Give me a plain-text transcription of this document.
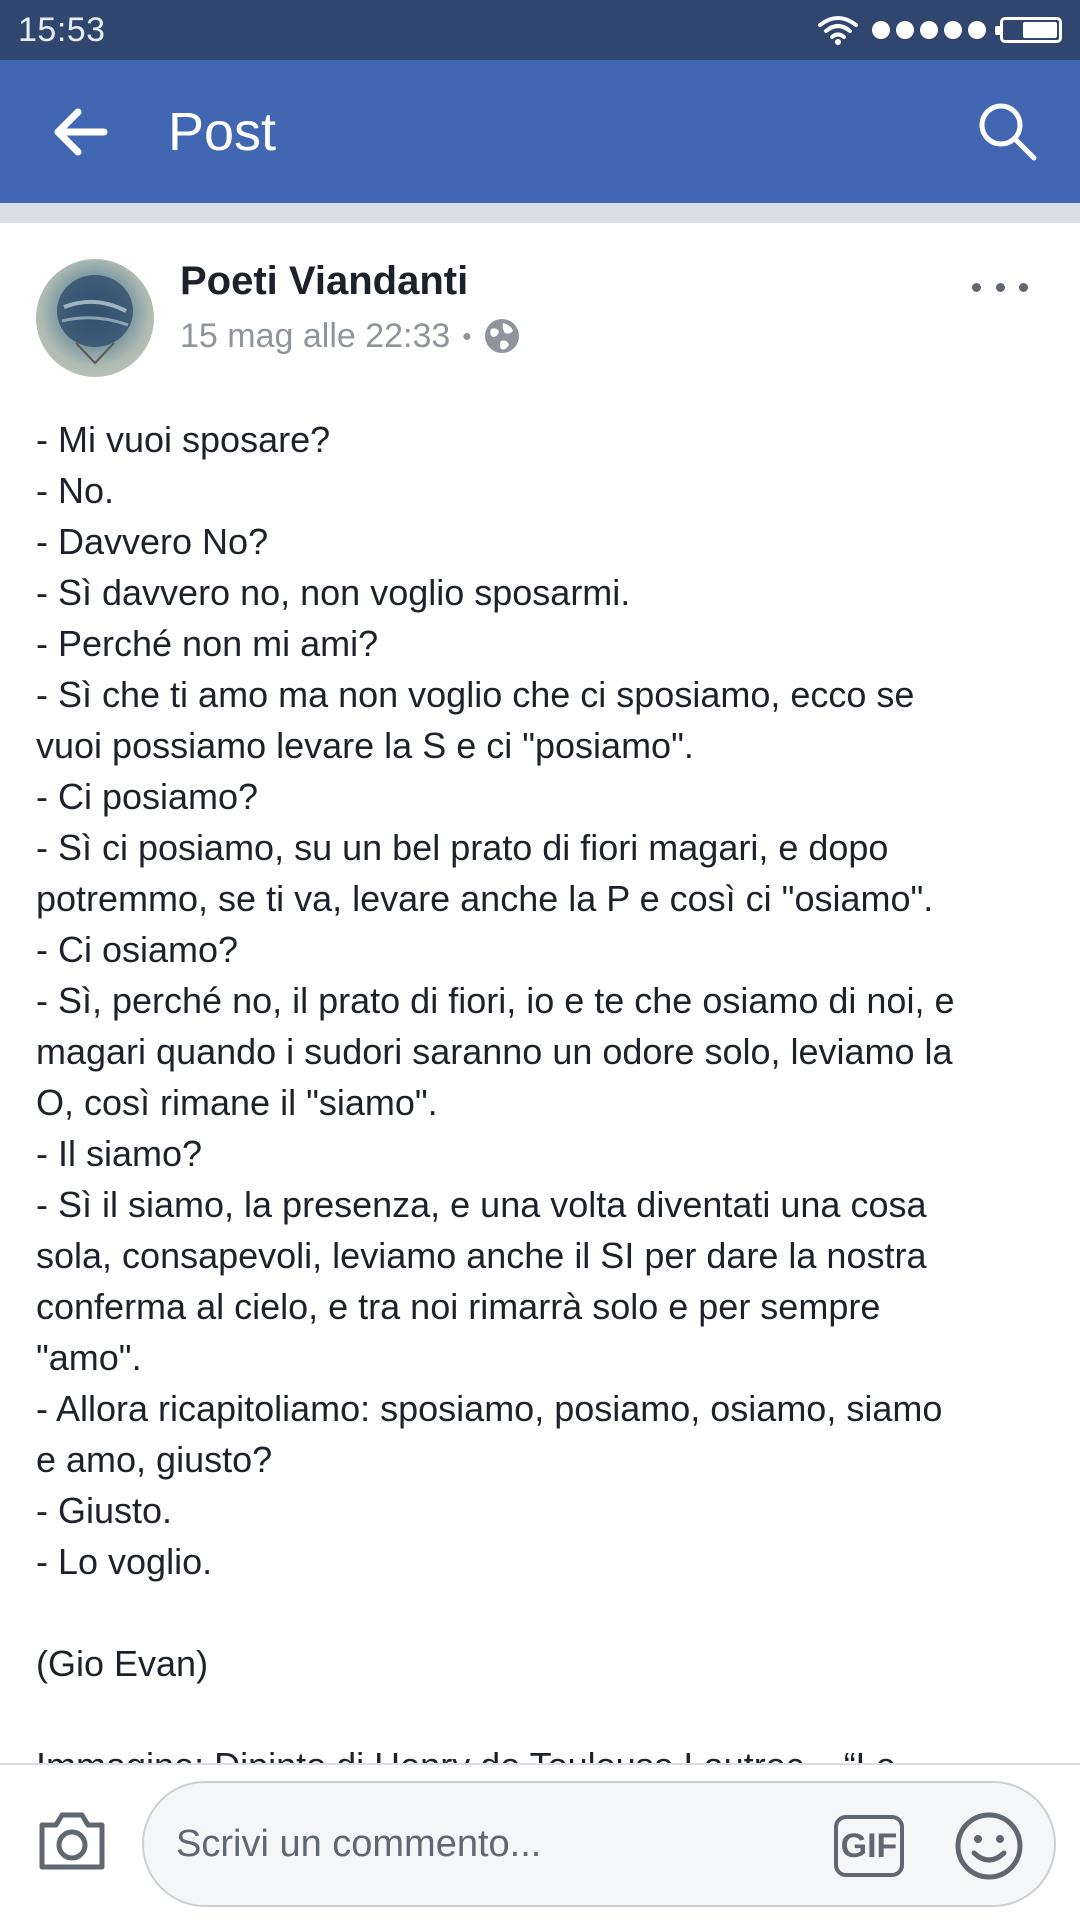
15:53
Post
Poeti Viandanti
15 mag alle 22:33 •
- Mi vuoi sposare?
- No.
- Davvero No?
- Sì davvero no, non voglio sposarmi.
- Perché non mi ami?
- Sì che ti amo ma non voglio che ci sposiamo, ecco se
vuoi possiamo levare la S e ci "posiamo".
- Ci posiamo?
- Sì ci posiamo, su un bel prato di fiori magari, e dopo
potremmo, se ti va, levare anche la P e così ci "osiamo".
- Ci osiamo?
- Sì, perché no, il prato di fiori, io e te che osiamo di noi, e
magari quando i sudori saranno un odore solo, leviamo la
O, così rimane il "siamo".
- Il siamo?
- Sì il siamo, la presenza, e una volta diventati una cosa
sola, consapevoli, leviamo anche il SI per dare la nostra
conferma al cielo, e tra noi rimarrà solo e per sempre
"amo".
- Allora ricapitoliamo: sposiamo, posiamo, osiamo, siamo
e amo, giusto?
- Giusto.
- Lo voglio.
(Gio Evan)
Scrivi un commento...	GIF
